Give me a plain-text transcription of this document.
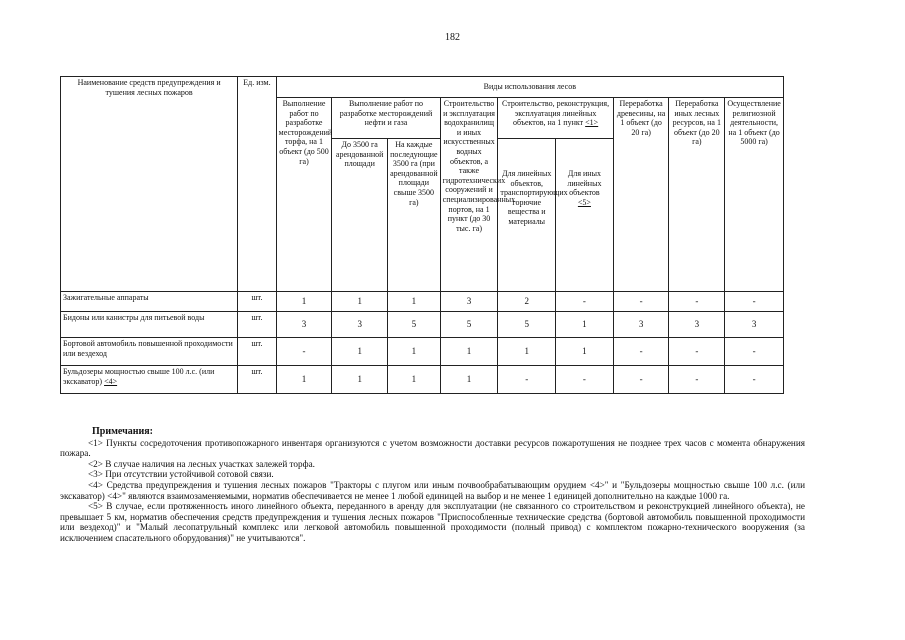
182
Наименование средств предупреждения и тушения лесных пожаров	Ед. изм.	Виды использования лесов								
		Выполнение работ по разработке месторождений торфа, на 1 объект (до 500 га)	Выполнение работ по разработке месторождений нефти и газа		Строительство и эксплуатация водохранилищ и иных искусственных водных объектов, а также гидротехнических сооружений и специализированных портов, на 1 пункт (до 30 тыс. га)	Строительство, реконструкция, эксплуатация линейных объектов, на 1 пункт <1>		Переработка древесины, на 1 объект (до 20 га)	Переработка иных лесных ресурсов, на 1 объект (до 20 га)	Осуществление религиозной деятельности, на 1 объект (до 5000 га)
			До 3500 га арендованной площади	На каждые последующие 3500 га (при арендованной площади свыше 3500 га)		Для линейных объектов, транспортирующих горючие вещества и материалы	Для иных линейных объектов
<5>			
Зажигательные аппараты	шт.	1	1	1	3	2	-	-	-	-
Бидоны или канистры для питьевой воды	шт.	3	3	5	5	5	1	3	3	3
Бортовой автомобиль повышенной проходимости или вездеход	шт.	-	1	1	1	1	1	-	-	-
Бульдозеры мощностью свыше 100 л.с. (или экскаватор) <4>	шт.	1	1	1	1	-	-	-	-	-
Примечания:

<1> Пункты сосредоточения противопожарного инвентаря организуются с учетом возможности доставки ресурсов пожаротушения не позднее трех часов с момента обнаружения пожара.

<2> В случае наличия на лесных участках залежей торфа.

<3> При отсутствии устойчивой сотовой связи.

<4> Средства предупреждения и тушения лесных пожаров "Тракторы с плугом или иным почвообрабатывающим орудием <4>" и "Бульдозеры мощностью свыше 100 л.с. (или экскаватор) <4>" являются взаимозаменяемыми, норматив обеспечивается не менее 1 любой единицей на выбор и не менее 1 единицей дополнительно на каждые 1000 га.

<5> В случае, если протяженность иного линейного объекта, переданного в аренду для эксплуатации (не связанного со строительством и реконструкцией линейного объекта), не превышает 5 км, норматив обеспечения средств предупреждения и тушения лесных пожаров "Приспособленные технические средства (бортовой автомобиль повышенной проходимости или вездеход)" и "Малый лесопатрульный комплекс или легковой автомобиль повышенной проходимости (полный привод) с комплектом пожарно-технического вооружения (за исключением спасательного оборудования)" не учитываются".
